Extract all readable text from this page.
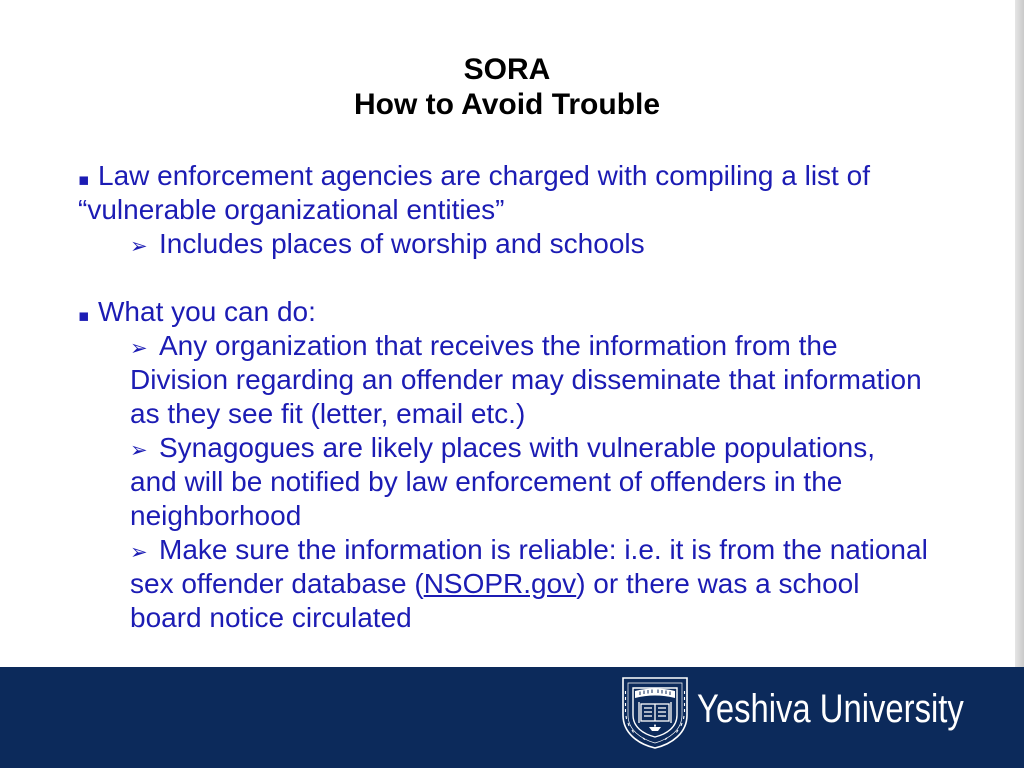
SORA
How to Avoid Trouble
▪ Law enforcement agencies are charged with compiling a list of
“vulnerable organizational entities”
➢ Includes places of worship and schools
▪ What you can do:
➢ Any organization that receives the information from the
Division regarding an offender may disseminate that information
as they see fit (letter, email etc.)
➢ Synagogues are likely places with vulnerable populations,
and will be notified by law enforcement of offenders in the
neighborhood
➢ Make sure the information is reliable: i.e. it is from the national
sex offender database (NSOPR.gov) or there was a school
board notice circulated
Yeshiva University
